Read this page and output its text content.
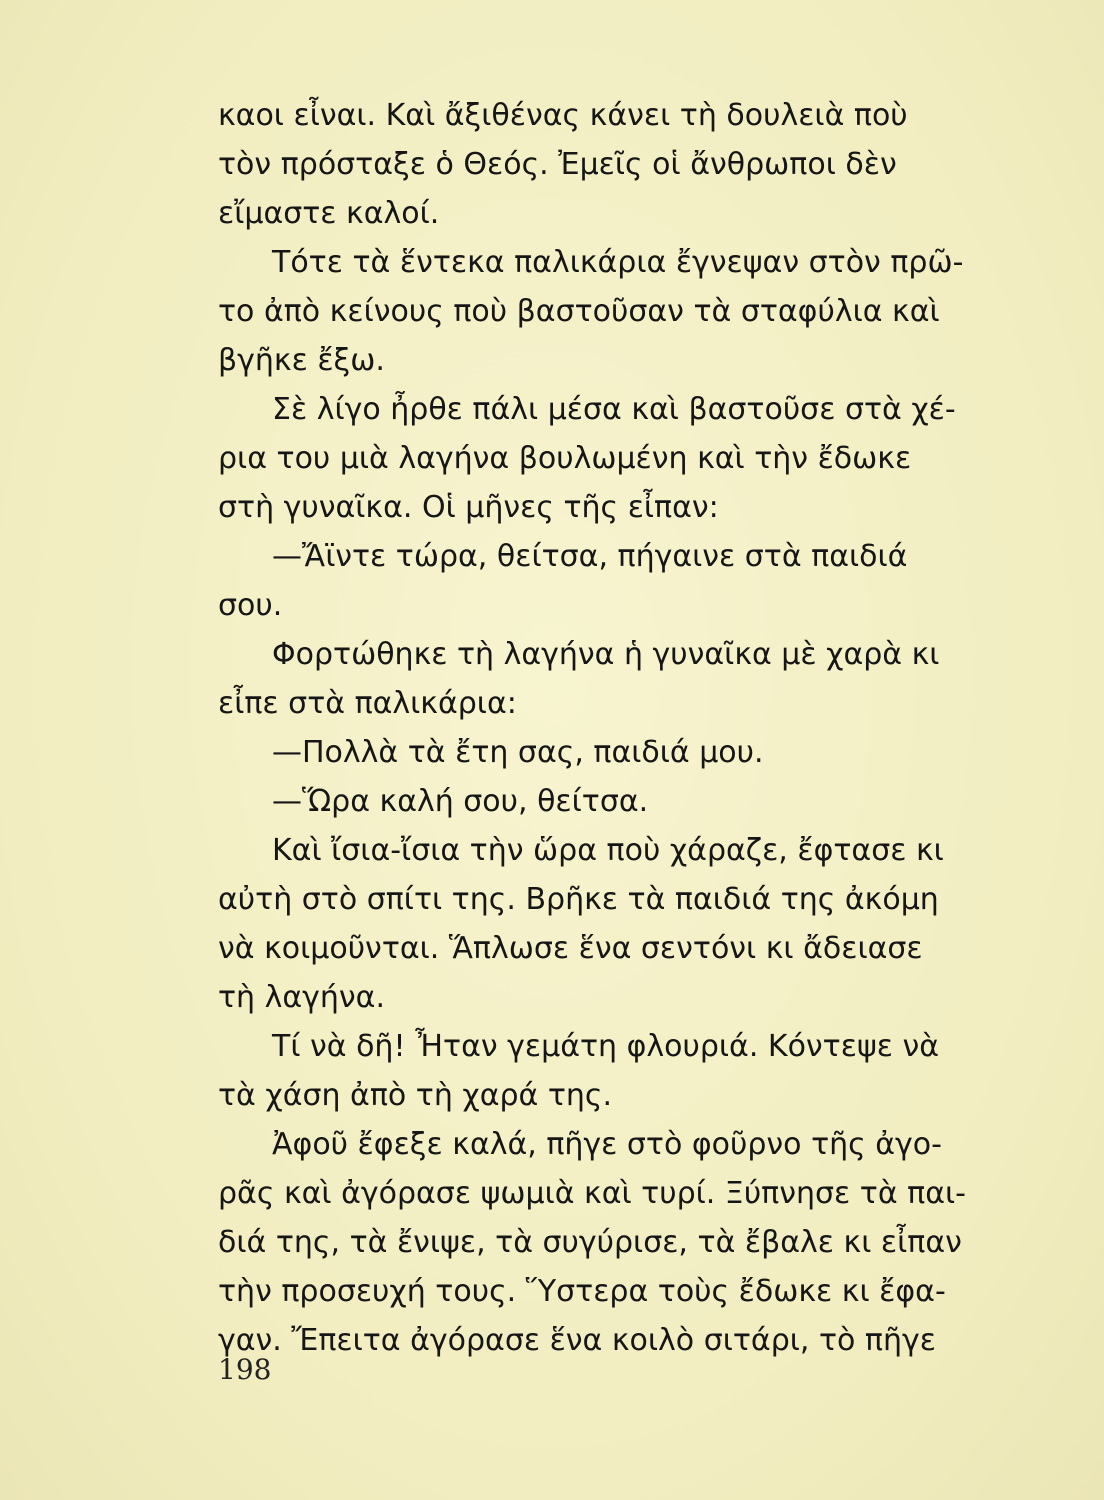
καοι εἶναι. Καὶ ἄξιθένας κάνει τὴ δουλειὰ ποὺ
τὸν πρόσταξε ὁ Θεός. Ἐμεῖς οἱ ἄνθρωποι δὲν
εἴμαστε καλοί.
Τότε τὰ ἕντεκα παλικάρια ἔγνεψαν στὸν πρῶ-
το ἀπὸ κείνους ποὺ βαστοῦσαν τὰ σταφύλια καὶ
βγῆκε ἔξω.
Σὲ λίγο ἦρθε πάλι μέσα καὶ βαστοῦσε στὰ χέ-
ρια του μιὰ λαγήνα βουλωμένη καὶ τὴν ἔδωκε
στὴ γυναῖκα. Οἱ μῆνες τῆς εἶπαν:
—Ἄϊντε τώρα, θείτσα, πήγαινε στὰ παιδιά
σου.
Φορτώθηκε τὴ λαγήνα ἡ γυναῖκα μὲ χαρὰ κι
εἶπε στὰ παλικάρια:
—Πολλὰ τὰ ἔτη σας, παιδιά μου.
—Ὥρα καλή σου, θείτσα.
Καὶ ἴσια-ἴσια τὴν ὥρα ποὺ χάραζε, ἔφτασε κι
αὐτὴ στὸ σπίτι της. Βρῆκε τὰ παιδιά της ἀκόμη
νὰ κοιμοῦνται. Ἅπλωσε ἕνα σεντόνι κι ἄδειασε
τὴ λαγήνα.
Τί νὰ δῆ! Ἦταν γεμάτη φλουριά. Κόντεψε νὰ
τὰ χάση ἀπὸ τὴ χαρά της.
Ἀφοῦ ἔφεξε καλά, πῆγε στὸ φοῦρνο τῆς ἀγο-
ρᾶς καὶ ἀγόρασε ψωμιὰ καὶ τυρί. Ξύπνησε τὰ παι-
διά της, τὰ ἔνιψε, τὰ συγύρισε, τὰ ἔβαλε κι εἶπαν
τὴν προσευχή τους. Ὕστερα τοὺς ἔδωκε κι ἔφα-
γαν. Ἔπειτα ἀγόρασε ἕνα κοιλὸ σιτάρι, τὸ πῆγε
198
